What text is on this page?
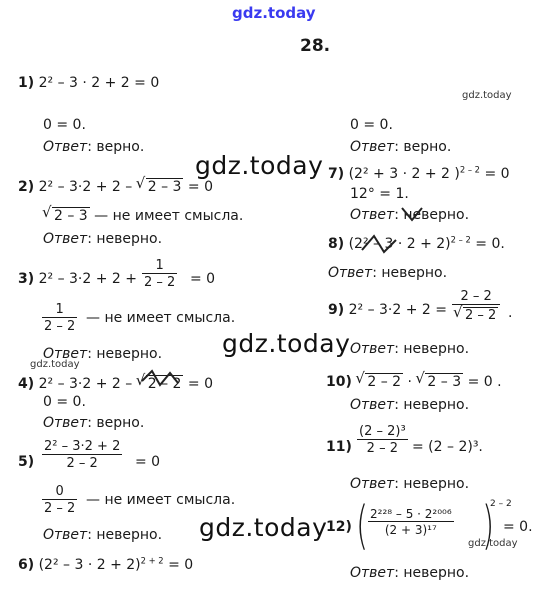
gdz.today
gdz.today
gdz.today
gdz.today
gdz.today
gdz.today
gdz.today
28.
1) 2² – 3 · 2 + 2 = 0
0 = 0.
Ответ: верно.
2) 2² – 3·2 + 2 – √ 2 – 3 = 0
√ 2 – 3 — не имеет смысла.
Ответ: неверно.
3) $2^2 - 3\cdot 2 + 2 + \frac{1}{2 - 2} = 0$
$\frac{1}{2 - 2}$ — не имеет смысла.
Ответ: неверно.
4) 2² – 3·2 + 2 – √ 2 – 2 = 0
0 = 0.
Ответ: верно.
$5) \frac{\text{2² – 3·2 + 2}}{2 - 2} = 0$
$\frac{0}{2 - 2}$ — не имеет смысла.
Ответ: неверно.
6) $(2^2 - 3 \cdot 2 + 2)^{2 + 2} = 0$
0 = 0.
Ответ: верно.
7) (2² + 3 · 2 + 2 )$^{2 - 2}$ = 0
12° = 1.
Ответ: неверно.
8) $(2^2 - 3 \cdot 2 + 2)^{2 - 2} = 0$.
Ответ: неверно.
9) 2² – 3·2 + 2 = 2 – 2
√ 2 – 2 .
Ответ: неверно.
10) √ 2 – 2 · √ 2 – 3 = 0 .
Ответ: неверно.
$11) \frac{\text{(2 – 2)³}}{2 - 2} = (2 - 2)^3$.
Ответ: неверно.
12) ( $\frac{\text{2²²⁸ – 5 · 2²⁰⁰⁶}}{\text{(2 + 3)¹⁷}}$ )
2 – 2
= 0.
Ответ: неверно.
